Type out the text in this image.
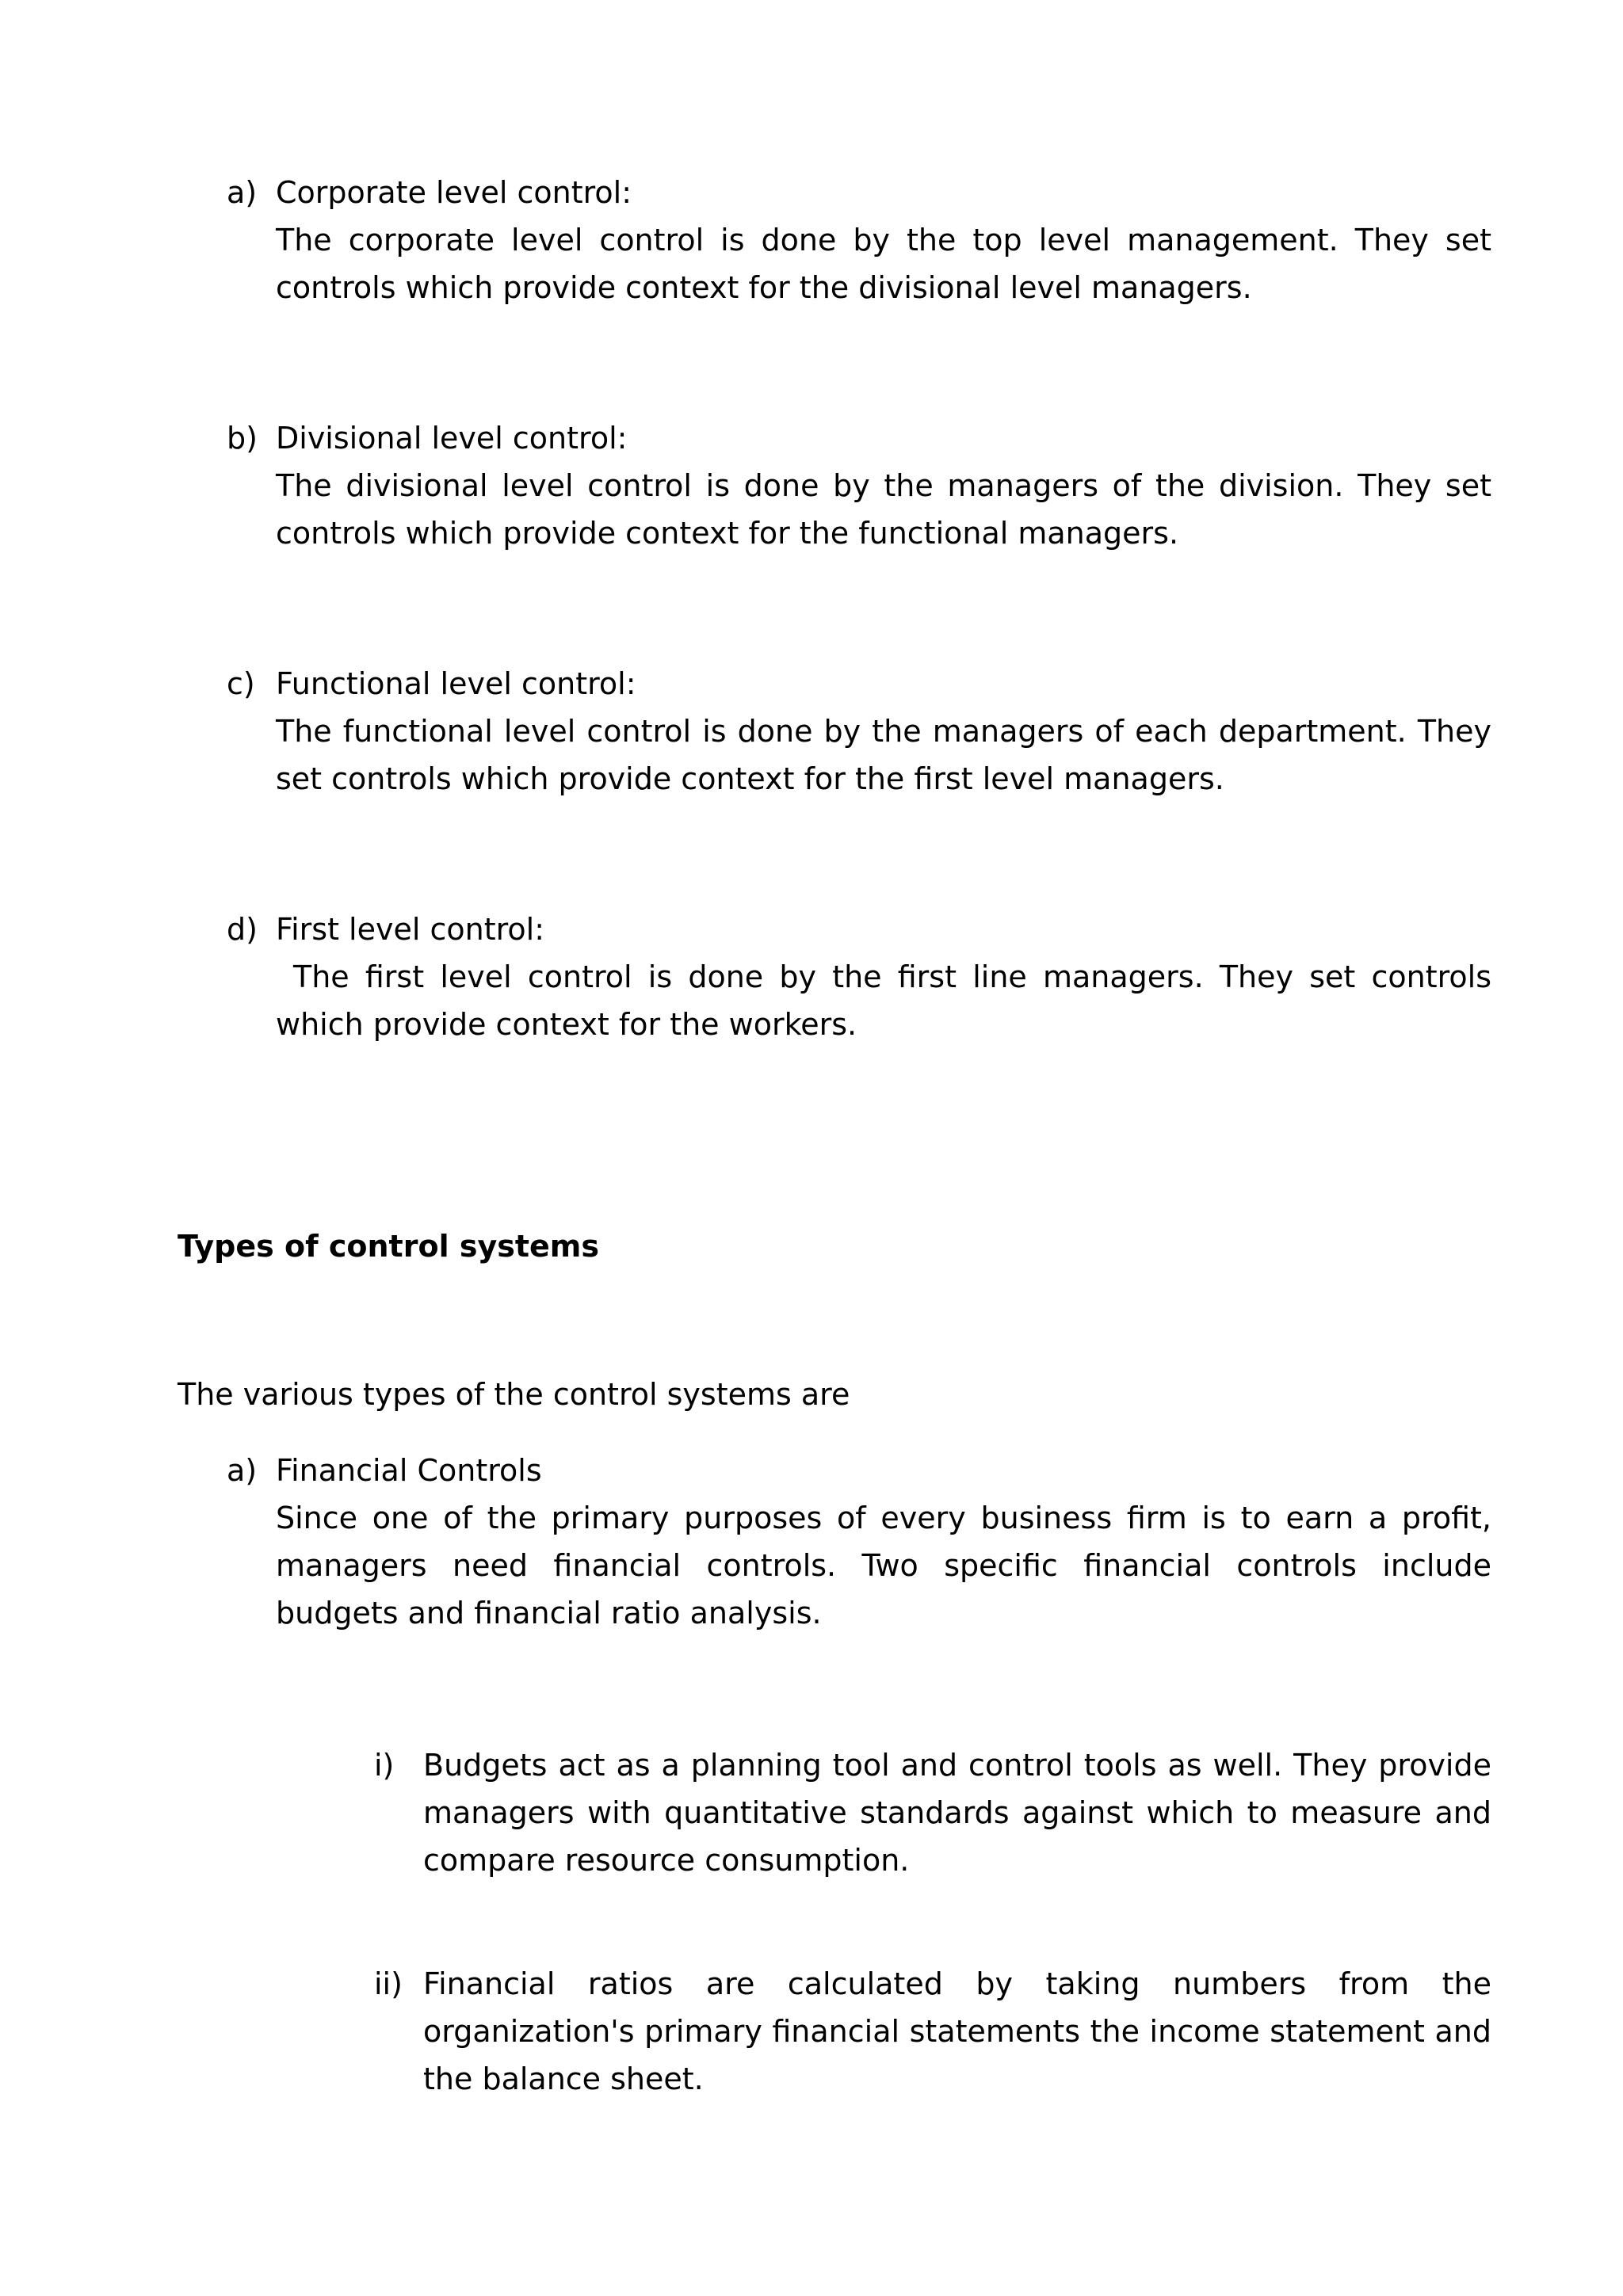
a) Corporate level control:
The corporate level control is done by the top level management. They set controls which provide context for the divisional level managers.
b) Divisional level control:
The divisional level control is done by the managers of the division. They set controls which provide context for the functional managers.
c) Functional level control:
The functional level control is done by the managers of each department. They set controls which provide context for the first level managers.
d) First level control:
The first level control is done by the first line managers. They set controls which provide context for the workers.
Types of control systems
The various types of the control systems are
a) Financial Controls
Since one of the primary purposes of every business firm is to earn a profit, managers need financial controls. Two specific financial controls include budgets and financial ratio analysis.
i) Budgets act as a planning tool and control tools as well. They provide managers with quantitative standards against which to measure and compare resource consumption.
ii) Financial ratios are calculated by taking numbers from the organization's primary financial statements the income statement and the balance sheet.
